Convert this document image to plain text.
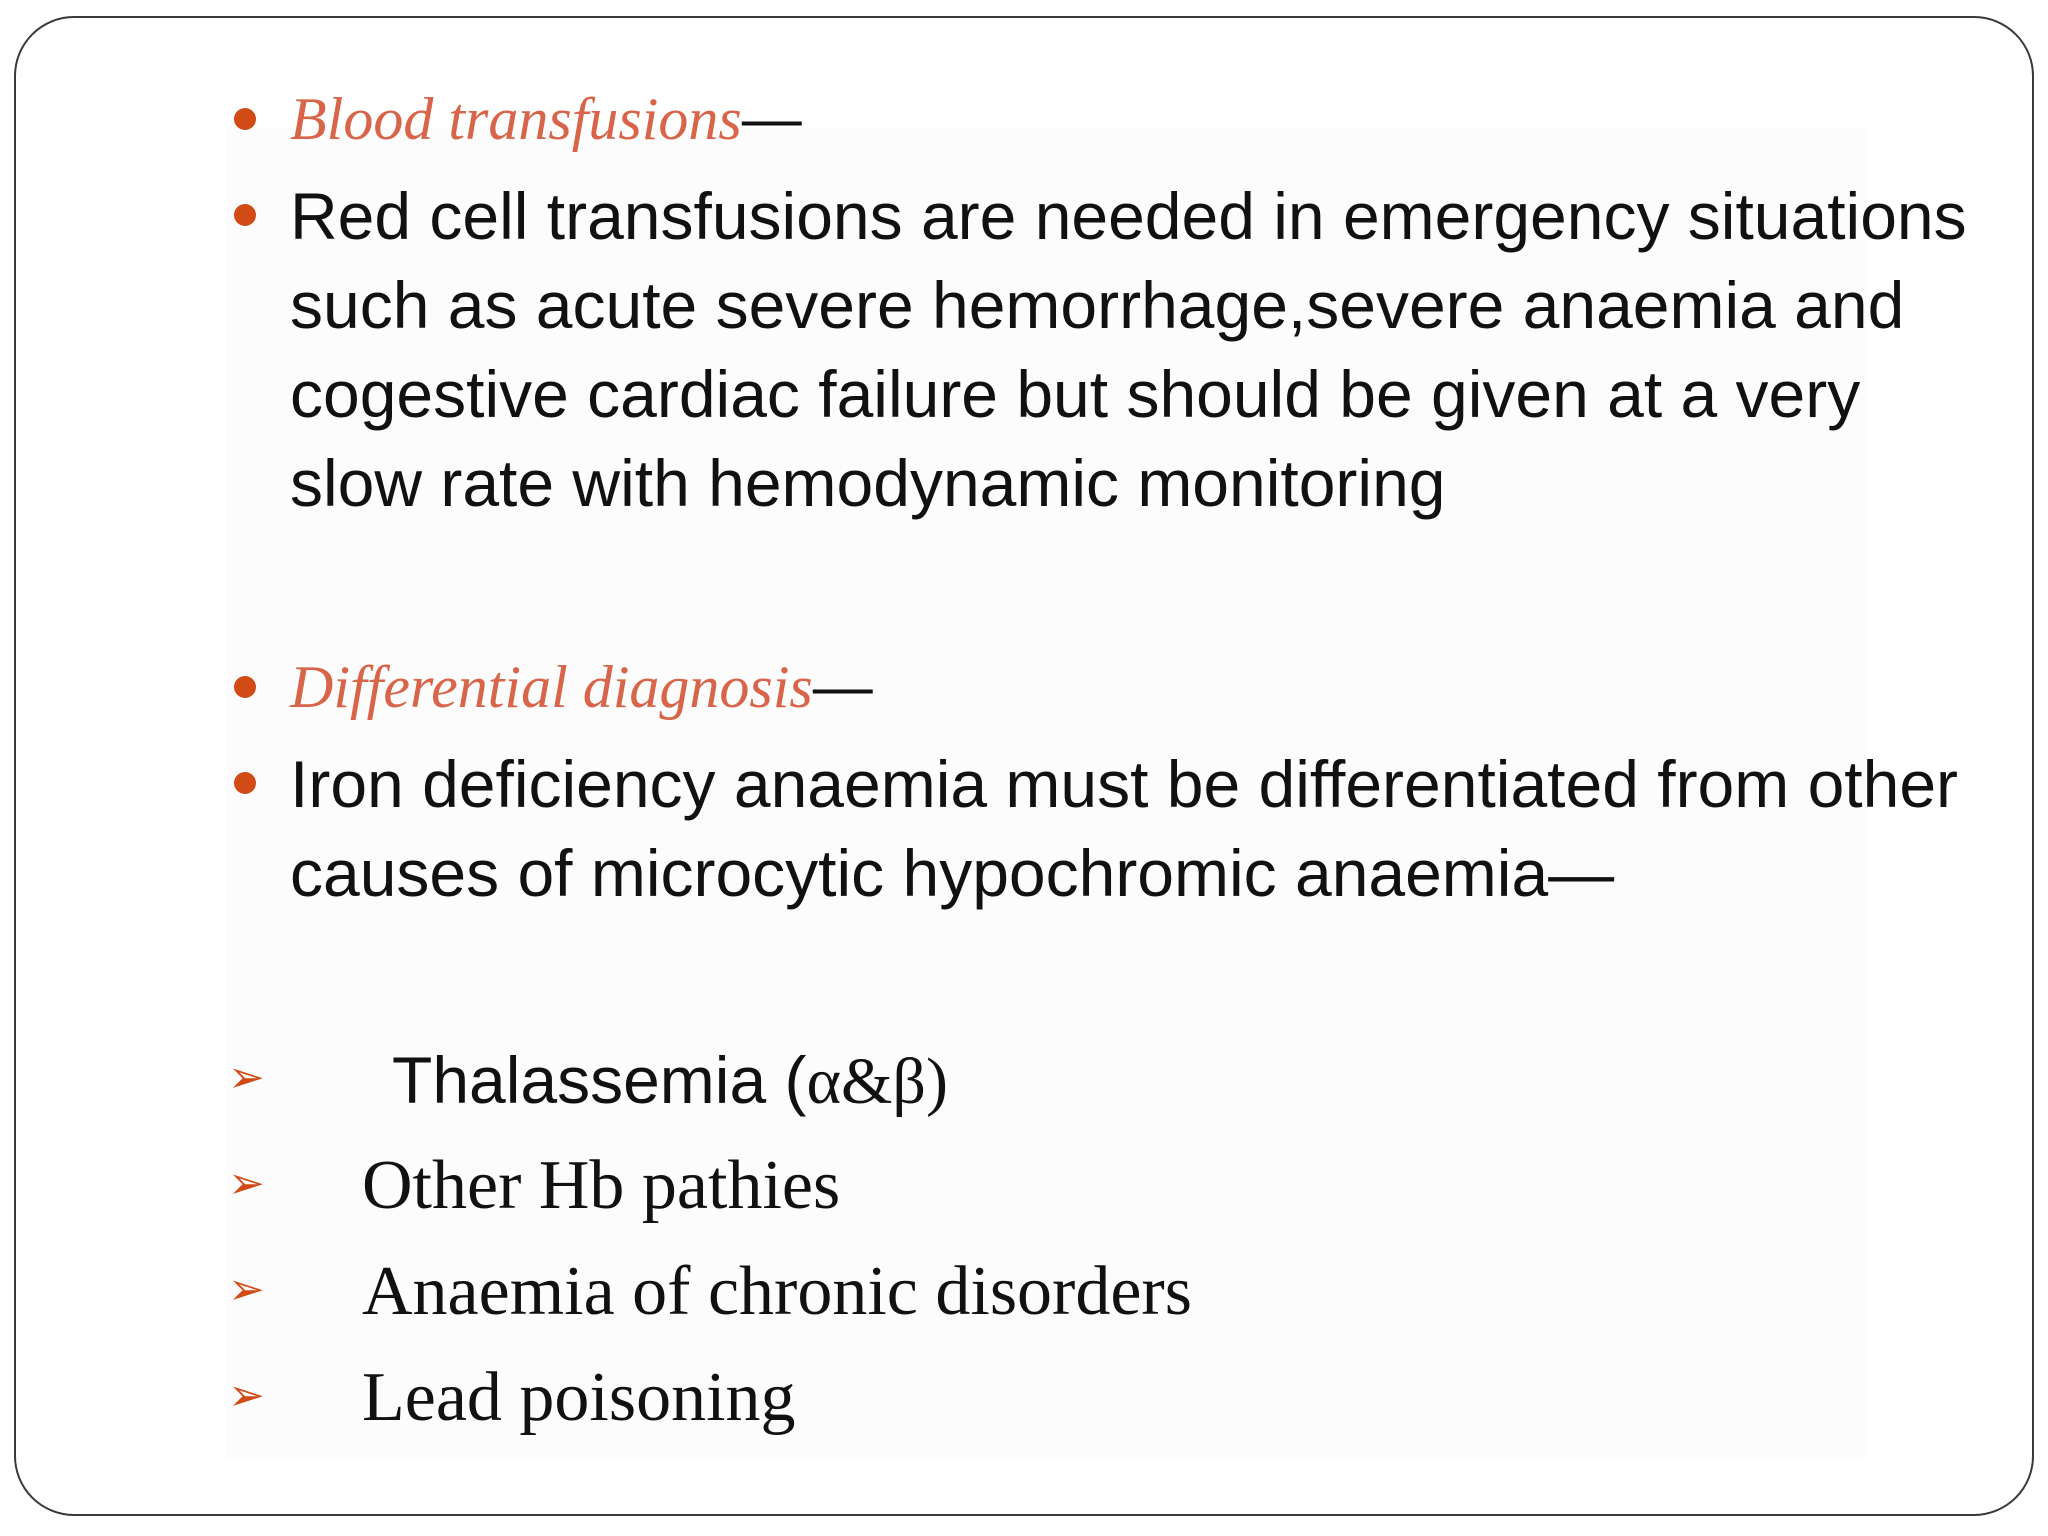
Blood transfusions—
Red cell transfusions are needed in emergency situations such as acute severe hemorrhage,severe anaemia and cogestive cardiac failure but should be given at a very slow rate with hemodynamic monitoring
Differential diagnosis—
Iron deficiency anaemia must be differentiated from other causes of microcytic hypochromic anaemia—
➢ Thalassemia (α&β)
➢ Other Hb pathies
➢ Anaemia of chronic disorders
➢ Lead poisoning
